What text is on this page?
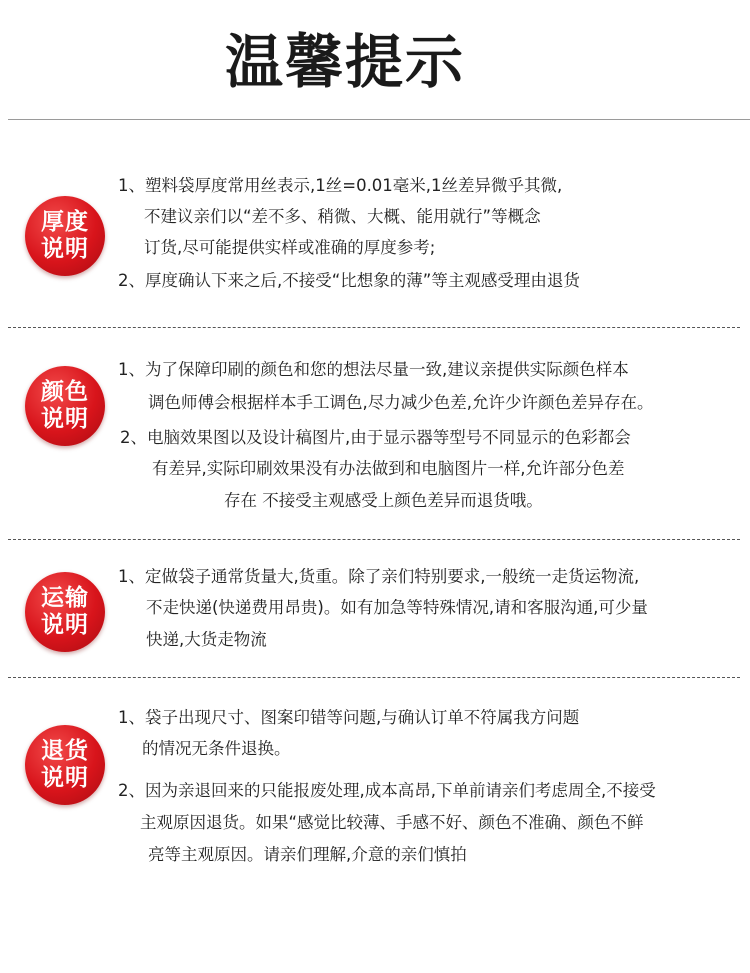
温馨提示
厚度
说明
1、塑料袋厚度常用丝表示,1丝=0.01毫米,1丝差异微乎其微,
不建议亲们以“差不多、稍微、大概、能用就行”等概念
订货,尽可能提供实样或准确的厚度参考;
2、厚度确认下来之后,不接受“比想象的薄”等主观感受理由退货
颜色
说明
1、为了保障印刷的颜色和您的想法尽量一致,建议亲提供实际颜色样本
调色师傅会根据样本手工调色,尽力减少色差,允许少许颜色差异存在。
2、电脑效果图以及设计稿图片,由于显示器等型号不同显示的色彩都会
有差异,实际印刷效果没有办法做到和电脑图片一样,允许部分色差
存在 不接受主观感受上颜色差异而退货哦。
运输
说明
1、定做袋子通常货量大,货重。除了亲们特别要求,一般统一走货运物流,
不走快递(快递费用昂贵)。如有加急等特殊情况,请和客服沟通,可少量
快递,大货走物流
退货
说明
1、袋子出现尺寸、图案印错等问题,与确认订单不符属我方问题
的情况无条件退换。
2、因为亲退回来的只能报废处理,成本高昂,下单前请亲们考虑周全,不接受
主观原因退货。如果“感觉比较薄、手感不好、颜色不准确、颜色不鲜
亮等主观原因。请亲们理解,介意的亲们慎拍
